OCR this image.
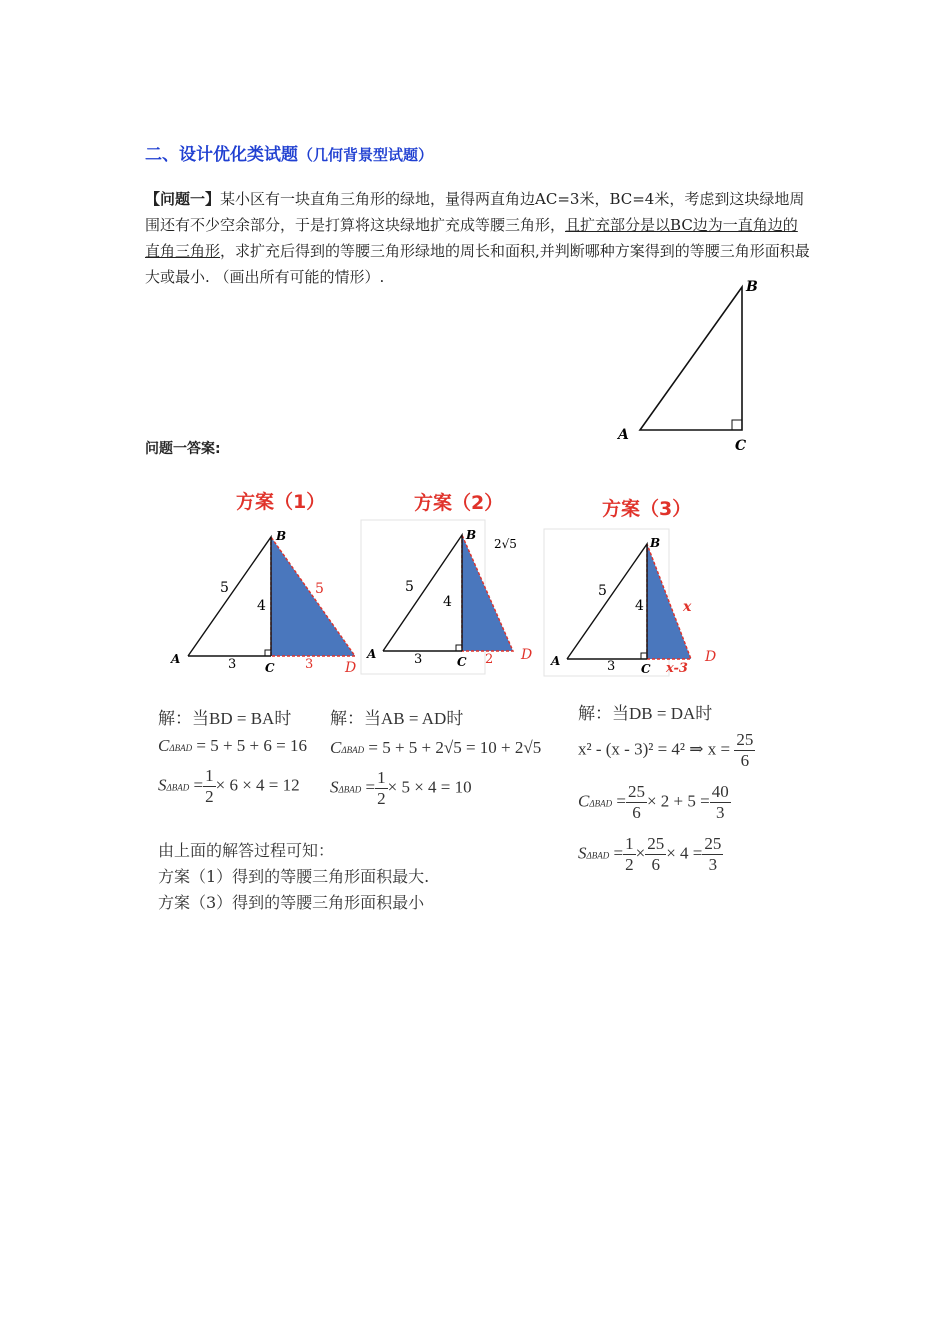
二、设计优化类试题（几何背景型试题）
【问题一】某小区有一块直角三角形的绿地，量得两直角边AC=3米，BC=4米，考虑到这块绿地周围还有不少空余部分，于是打算将这块绿地扩充成等腰三角形，且扩充部分是以BC边为一直角边的直角三角形，求扩充后得到的等腰三角形绿地的周长和面积,并判断哪种方案得到的等腰三角形面积最大或最小. （画出所有可能的情形）.
A
B
C
问题一答案:
方案（1）	方案（2）	方案（3）
B
A
C	D
5
4
3
5
3
B
A
C	D
5
4
3
2√5
2
B
A
C
D
5
4
3
x
x-3
解：当BD = BA时
CΔBAD = 5 + 5 + 6 = 16
$S\Delta BAD = \frac{1}{2} \times 6 \times 4 = 12$
解：当AB = AD时
CΔBAD = 5 + 5 + 2√5 = 10 + 2√5
$S\Delta BAD = \frac{1}{2} \times 5 \times 4 = 10$
解：当DB = DA时
x² - (x - 3)² = 4² ⇒ $x = \frac{25}{6}$
$C\Delta BAD = \frac{25}{6} \times 2 + 5 = \frac{40}{3}$
$S\Delta BAD = \frac{1}{2} \times \frac{25}{6} \times 4 = \frac{25}{3}$
由上面的解答过程可知：
方案（1）得到的等腰三角形面积最大.
方案（3）得到的等腰三角形面积最小
